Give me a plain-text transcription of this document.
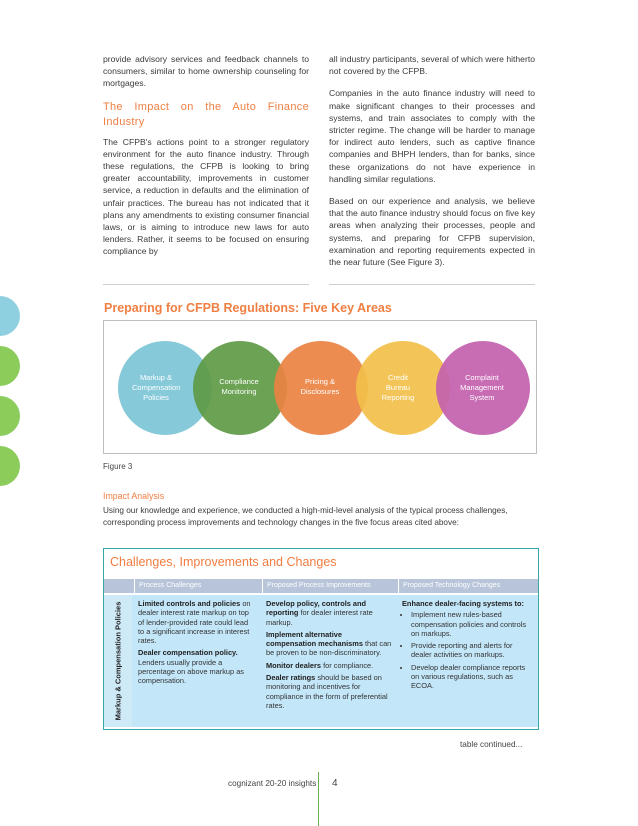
provide advisory services and feedback channels to consumers, similar to home ownership counseling for mortgages.

The Impact on the Auto Finance Industry

The CFPB's actions point to a stronger regulatory environment for the auto finance industry. Through these regulations, the CFPB is looking to bring greater accountability, improvements in customer service, a reduction in defaults and the elimination of unfair practices. The bureau has not indicated that it plans any amendments to existing consumer financial laws, or is aiming to introduce new laws for auto lenders. Rather, it seems to be focused on ensuring compliance by

all industry participants, several of which were hitherto not covered by the CFPB.

Companies in the auto finance industry will need to make significant changes to their processes and systems, and train associates to comply with the stricter regime. The change will be harder to manage for indirect auto lenders, such as captive finance companies and BHPH lenders, than for banks, since these organizations do not have experience in handling similar regulations.

Based on our experience and analysis, we believe that the auto finance industry should focus on five key areas when analyzing their processes, people and systems, and preparing for CFPB supervision, examination and reporting requirements expected in the near future (See Figure 3).

Preparing for CFPB Regulations: Five Key Areas
Markup & Compensation Policies
Compliance Monitoring
Pricing & Disclosures
Credit Bureau Reporting
Complaint Management System
Figure 3
Impact Analysis
Using our knowledge and experience, we conducted a high-mid-level analysis of the typical process challenges, corresponding process improvements and technology changes in the five focus areas cited above:
Challenges, Improvements and Changes
Process Challenges	Proposed Process Improvements	Proposed Technology Changes
Markup & Compensation Policies Limited controls and policies on dealer interest rate markup on top of lender-provided rate could lead to a significant increase in interest rates.

Dealer compensation policy. Lenders usually provide a percentage on above markup as compensation.

Develop policy, controls and reporting for dealer interest rate markup.

Implement alternative compensation mechanisms that can be proven to be non-discriminatory.

Monitor dealers for compliance.

Dealer ratings should be based on monitoring and incentives for compliance in the form of preferential rates.

Enhance dealer-facing systems to:
• Implement new rules-based compensation policies and controls on markups.
• Provide reporting and alerts for dealer activities on markups.
• Develop dealer compliance reports on various regulations, such as ECOA.
table continued...
cognizant 20-20 insights 4
